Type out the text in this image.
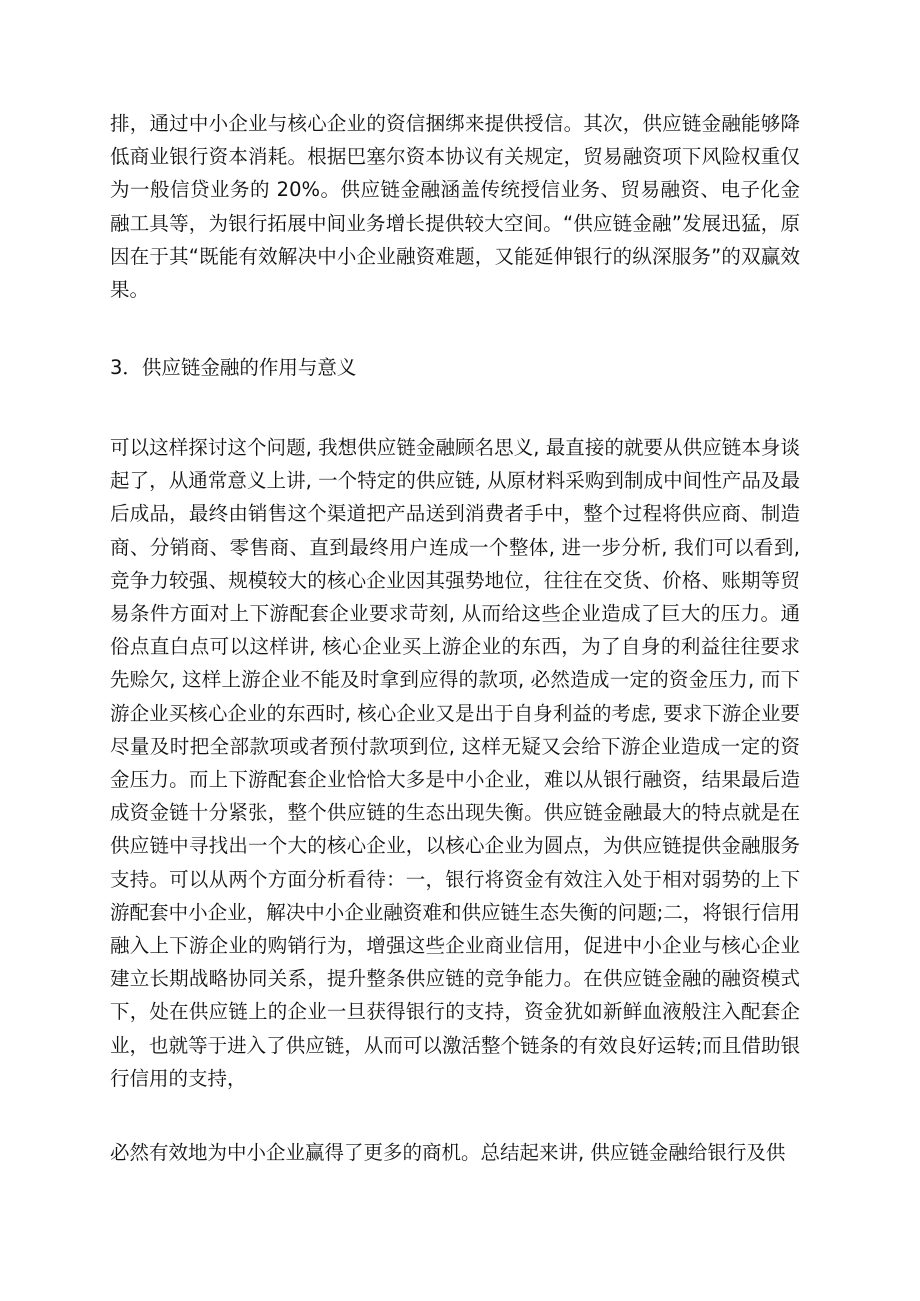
排，通过中小企业与核心企业的资信捆绑来提供授信。其次，供应链金融能够降低商业银行资本消耗。根据巴塞尔资本协议有关规定，贸易融资项下风险权重仅为一般信贷业务的 20%。供应链金融涵盖传统授信业务、贸易融资、电子化金融工具等，为银行拓展中间业务增长提供较大空间。“供应链金融”发展迅猛，原因在于其“既能有效解决中小企业融资难题，又能延伸银行的纵深服务”的双赢效果。

3．供应链金融的作用与意义

可以这样探讨这个问题, 我想供应链金融顾名思义, 最直接的就要从供应链本身谈起了，从通常意义上讲, 一个特定的供应链, 从原材料采购到制成中间性产品及最后成品，最终由销售这个渠道把产品送到消费者手中，整个过程将供应商、制造商、分销商、零售商、直到最终用户连成一个整体, 进一步分析, 我们可以看到, 竞争力较强、规模较大的核心企业因其强势地位，往往在交货、价格、账期等贸易条件方面对上下游配套企业要求苛刻, 从而给这些企业造成了巨大的压力。通俗点直白点可以这样讲, 核心企业买上游企业的东西，为了自身的利益往往要求先赊欠, 这样上游企业不能及时拿到应得的款项, 必然造成一定的资金压力, 而下游企业买核心企业的东西时, 核心企业又是出于自身利益的考虑, 要求下游企业要尽量及时把全部款项或者预付款项到位, 这样无疑又会给下游企业造成一定的资金压力。而上下游配套企业恰恰大多是中小企业，难以从银行融资，结果最后造成资金链十分紧张，整个供应链的生态出现失衡。供应链金融最大的特点就是在供应链中寻找出一个大的核心企业，以核心企业为圆点，为供应链提供金融服务支持。可以从两个方面分析看待：一，银行将资金有效注入处于相对弱势的上下游配套中小企业，解决中小企业融资难和供应链生态失衡的问题;二，将银行信用融入上下游企业的购销行为，增强这些企业商业信用，促进中小企业与核心企业建立长期战略协同关系，提升整条供应链的竞争能力。在供应链金融的融资模式下，处在供应链上的企业一旦获得银行的支持，资金犹如新鲜血液般注入配套企业，也就等于进入了供应链，从而可以激活整个链条的有效良好运转;而且借助银行信用的支持，

必然有效地为中小企业赢得了更多的商机。总结起来讲, 供应链金融给银行及供
